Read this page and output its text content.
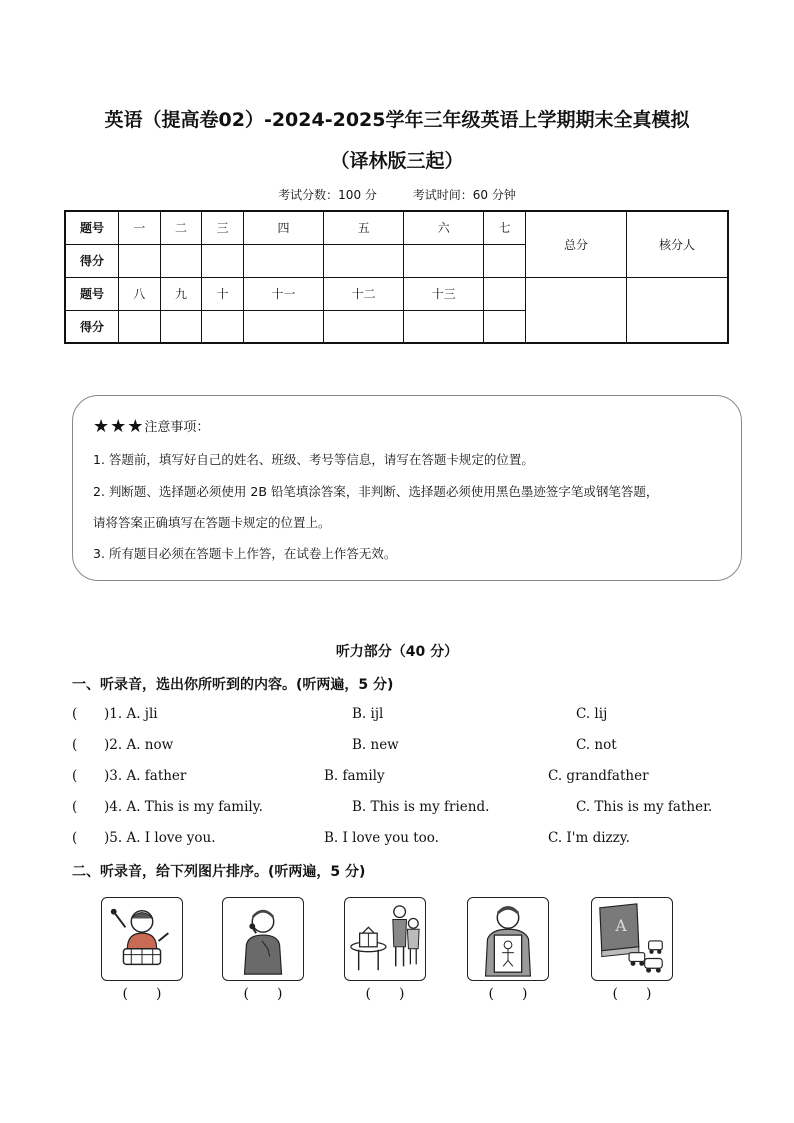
英语（提高卷02）-2024-2025学年三年级英语上学期期末全真模拟
（译林版三起）
考试分数：100 分	考试时间：60 分钟
题号	一	二	三	四	五	六	七	总分	核分人
得分									
题号	八	九	十	十一	十二	十三			
得分									
★★★注意事项：
1. 答题前，填写好自己的姓名、班级、考号等信息，请写在答题卡规定的位置。
2. 判断题、选择题必须使用 2B 铅笔填涂答案，非判断、选择题必须使用黑色墨迹签字笔或钢笔答题，
请将答案正确填写在答题卡规定的位置上。
3. 所有题目必须在答题卡上作答，在试卷上作答无效。
听力部分（40 分）
一、听录音，选出你所听到的内容。(听两遍，5 分)
( )1. A. jli	B. ijl	C. lij
( )2. A. now	B. new	C. not
( )3. A. father	B. family	C. grandfather
( )4. A. This is my family.	B. This is my friend.	C. This is my father.
( )5. A. I love you.	B. I love you too.	C. I'm dizzy.
二、听录音，给下列图片排序。(听两遍，5 分)
(　　)	(　　)	(　　)	(　　)
A
(　　)
